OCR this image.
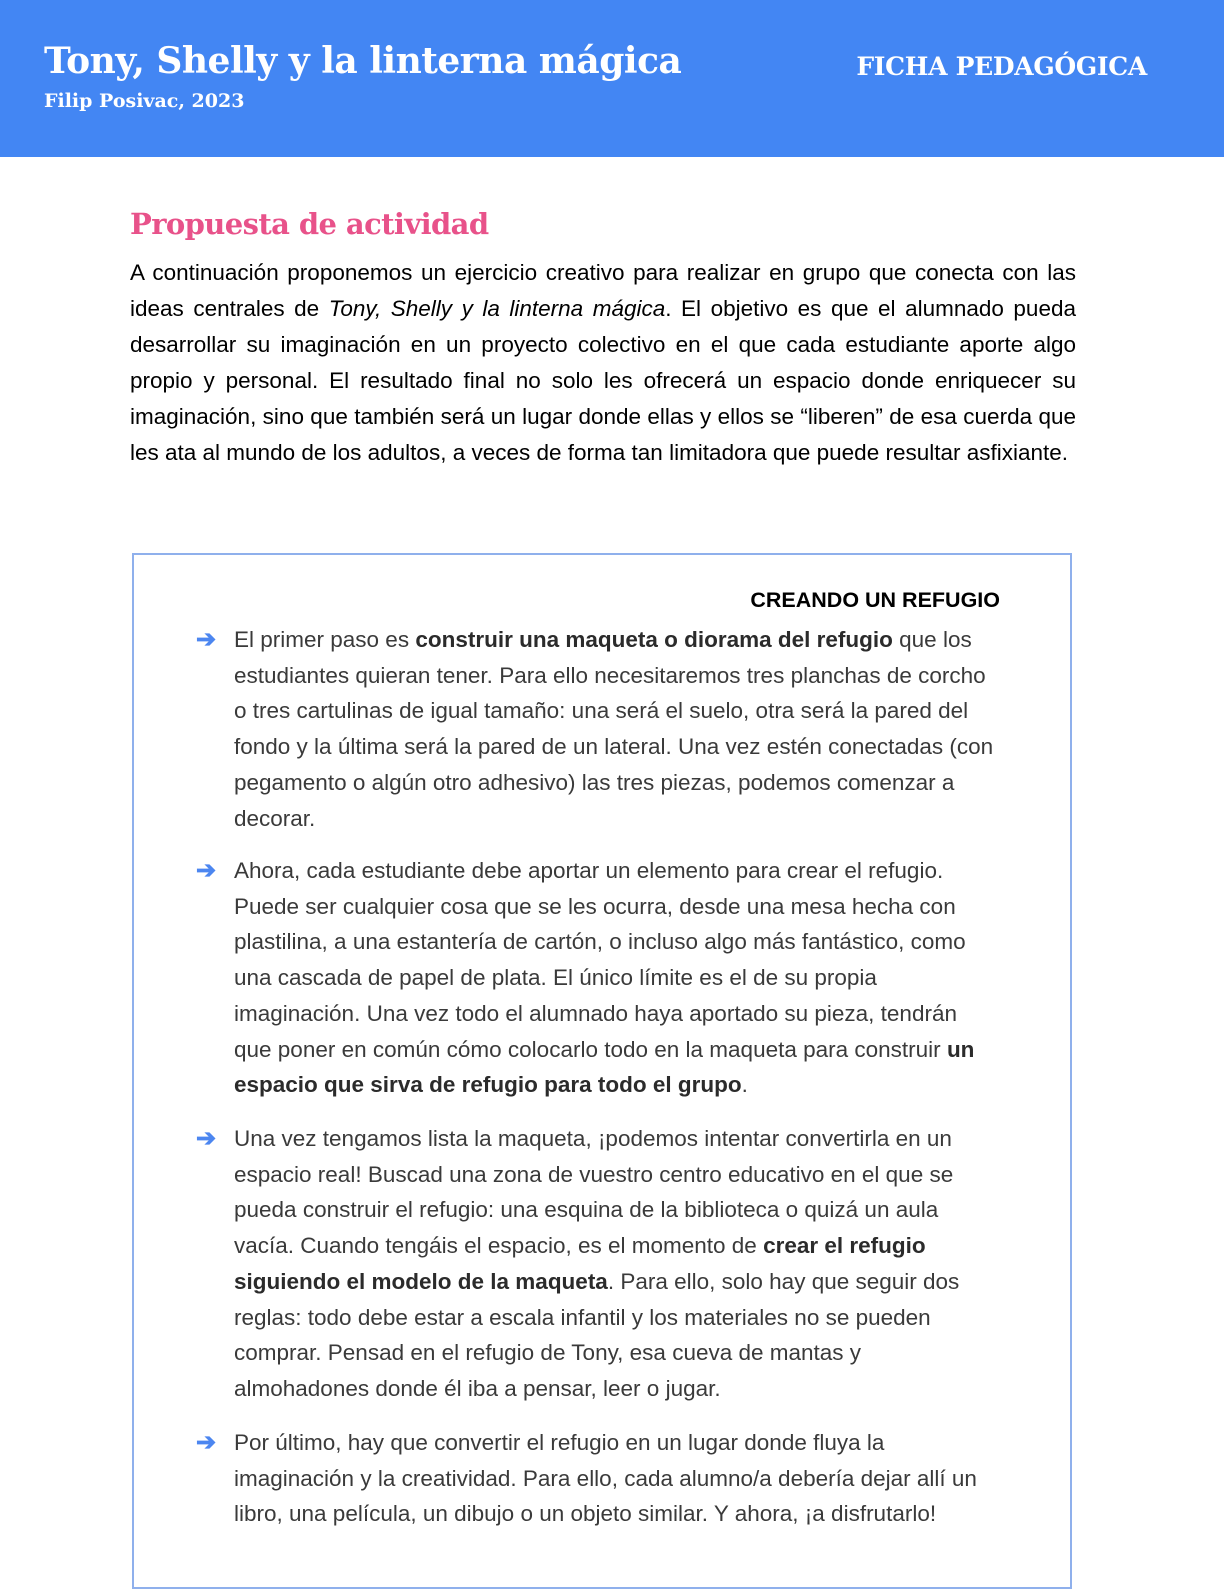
Tony, Shelly y la linterna mágica
Filip Posivac, 2023
FICHA PEDAGÓGICA
Propuesta de actividad
A continuación proponemos un ejercicio creativo para realizar en grupo que conecta con las ideas centrales de Tony, Shelly y la linterna mágica. El objetivo es que el alumnado pueda desarrollar su imaginación en un proyecto colectivo en el que cada estudiante aporte algo propio y personal. El resultado final no solo les ofrecerá un espacio donde enriquecer su imaginación, sino que también será un lugar donde ellas y ellos se “liberen” de esa cuerda que les ata al mundo de los adultos, a veces de forma tan limitadora que puede resultar asfixiante.
CREANDO UN REFUGIO
➔ El primer paso es construir una maqueta o diorama del refugio que los estudiantes quieran tener. Para ello necesitaremos tres planchas de corcho o tres cartulinas de igual tamaño: una será el suelo, otra será la pared del fondo y la última será la pared de un lateral. Una vez estén conectadas (con pegamento o algún otro adhesivo) las tres piezas, podemos comenzar a decorar.
➔ Ahora, cada estudiante debe aportar un elemento para crear el refugio. Puede ser cualquier cosa que se les ocurra, desde una mesa hecha con plastilina, a una estantería de cartón, o incluso algo más fantástico, como una cascada de papel de plata. El único límite es el de su propia imaginación. Una vez todo el alumnado haya aportado su pieza, tendrán que poner en común cómo colocarlo todo en la maqueta para construir un espacio que sirva de refugio para todo el grupo.
➔ Una vez tengamos lista la maqueta, ¡podemos intentar convertirla en un espacio real! Buscad una zona de vuestro centro educativo en el que se pueda construir el refugio: una esquina de la biblioteca o quizá un aula vacía. Cuando tengáis el espacio, es el momento de crear el refugio siguiendo el modelo de la maqueta. Para ello, solo hay que seguir dos reglas: todo debe estar a escala infantil y los materiales no se pueden comprar. Pensad en el refugio de Tony, esa cueva de mantas y almohadones donde él iba a pensar, leer o jugar.
➔ Por último, hay que convertir el refugio en un lugar donde fluya la imaginación y la creatividad. Para ello, cada alumno/a debería dejar allí un libro, una película, un dibujo o un objeto similar. Y ahora, ¡a disfrutarlo!
